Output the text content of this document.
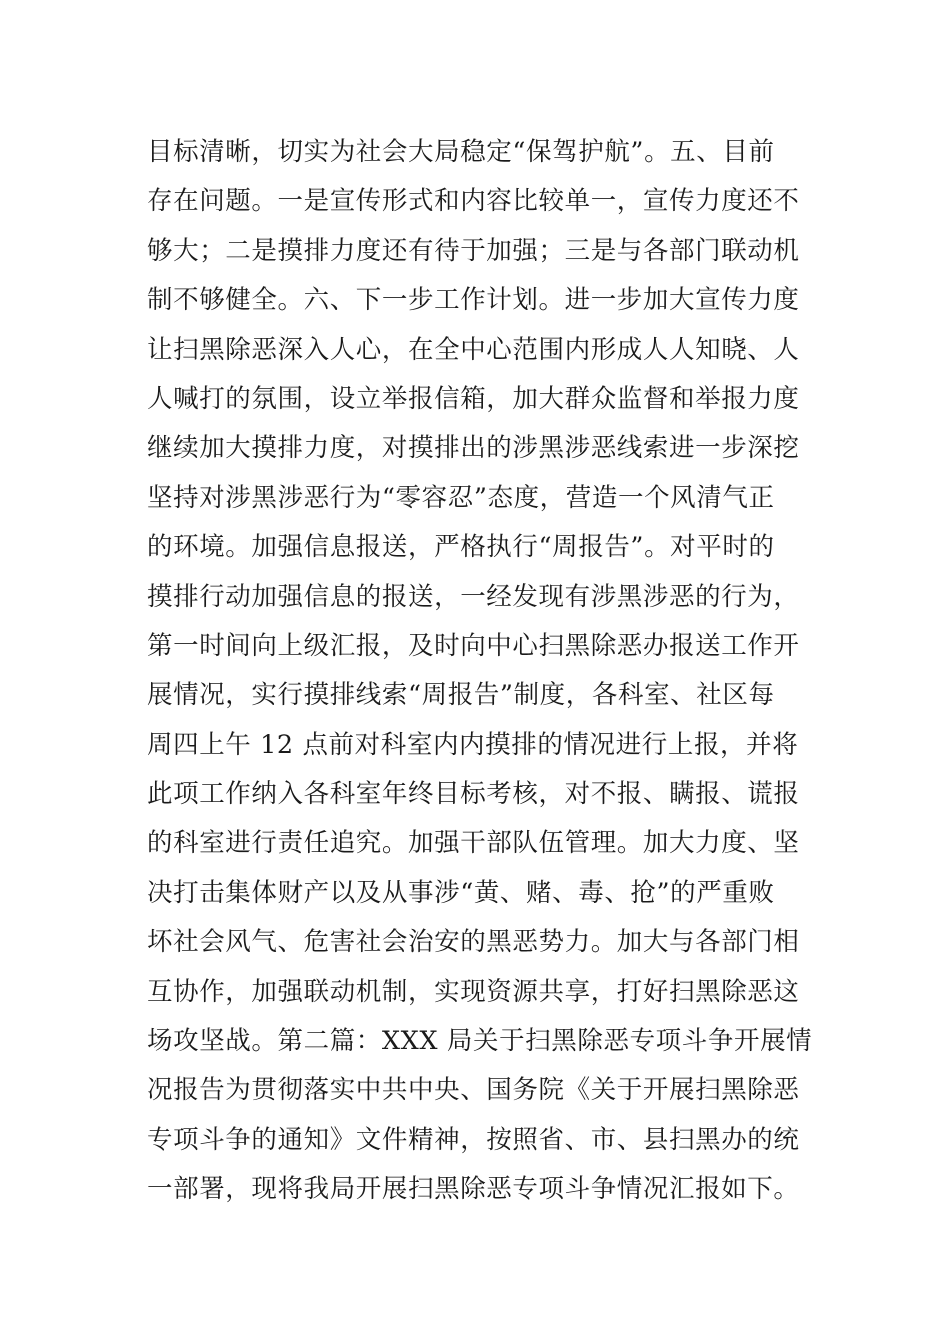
目标清晰，切实为社会大局稳定“保驾护航”。五、目前
存在问题。一是宣传形式和内容比较单一，宣传力度还不
够大；二是摸排力度还有待于加强；三是与各部门联动机
制不够健全。六、下一步工作计划。进一步加大宣传力度
让扫黑除恶深入人心，在全中心范围内形成人人知晓、人
人喊打的氛围，设立举报信箱，加大群众监督和举报力度
继续加大摸排力度，对摸排出的涉黑涉恶线索进一步深挖
坚持对涉黑涉恶行为“零容忍”态度，营造一个风清气正
的环境。加强信息报送，严格执行“周报告”。对平时的
摸排行动加强信息的报送，一经发现有涉黑涉恶的行为，
第一时间向上级汇报，及时向中心扫黑除恶办报送工作开
展情况，实行摸排线索“周报告”制度，各科室、社区每
周四上午 12 点前对科室内内摸排的情况进行上报，并将
此项工作纳入各科室年终目标考核，对不报、瞒报、谎报
的科室进行责任追究。加强干部队伍管理。加大力度、坚
决打击集体财产以及从事涉“黄、赌、毒、抢”的严重败
坏社会风气、危害社会治安的黑恶势力。加大与各部门相
互协作，加强联动机制，实现资源共享，打好扫黑除恶这
场攻坚战。第二篇：XXX 局关于扫黑除恶专项斗争开展情
况报告为贯彻落实中共中央、国务院《关于开展扫黑除恶
专项斗争的通知》文件精神，按照省、市、县扫黑办的统
一部署，现将我局开展扫黑除恶专项斗争情况汇报如下。
